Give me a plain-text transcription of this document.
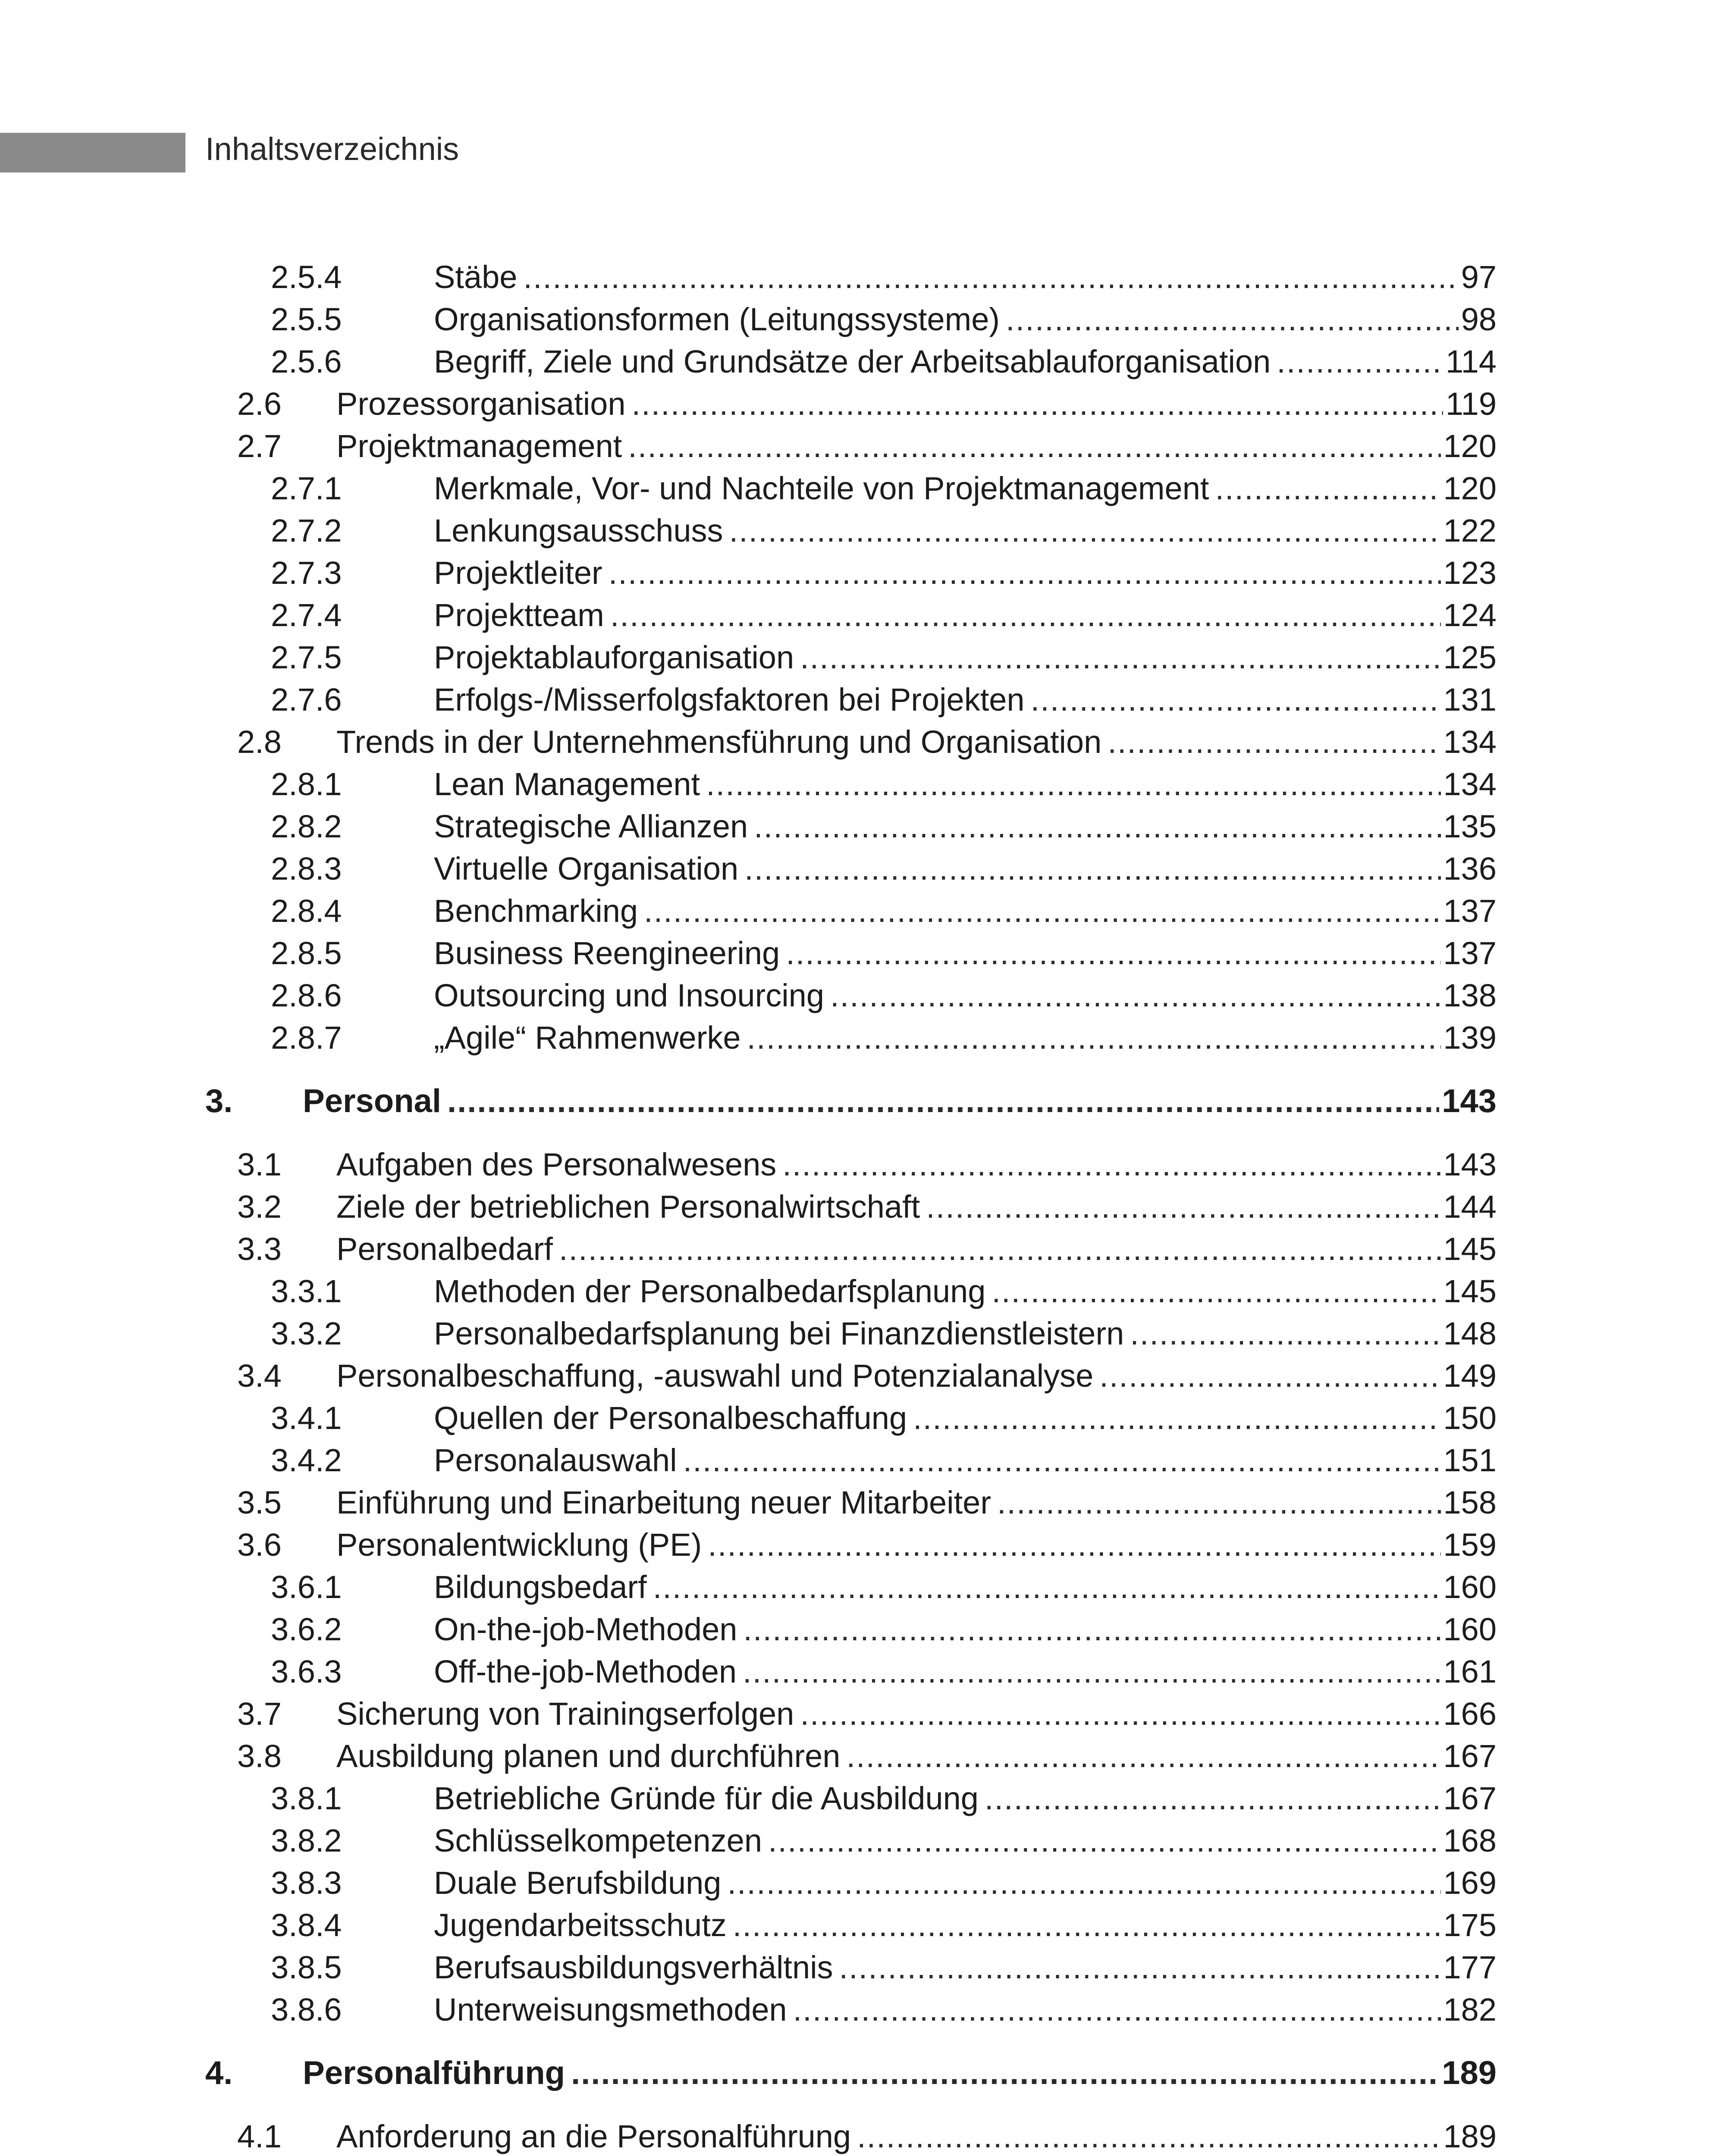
Inhaltsverzeichnis
2.5.4	Stäbe .....	97
2.5.5	Organisationsformen (Leitungssysteme) .....	98
2.5.6	Begriff, Ziele und Grundsätze der Arbeitsablauforganisation .....	114
2.6 Prozessorganisation .....	119
2.7 Projektmanagement .....	120
2.7.1	Merkmale, Vor- und Nachteile von Projektmanagement .....	120
2.7.2	Lenkungsausschuss .....	122
2.7.3	Projektleiter .....	123
2.7.4	Projektteam .....	124
2.7.5	Projektablauforganisation .....	125
2.7.6	Erfolgs-/Misserfolgsfaktoren bei Projekten .....	131
2.8 Trends in der Unternehmensführung und Organisation .....	134
2.8.1	Lean Management .....	134
2.8.2	Strategische Allianzen .....	135
2.8.3	Virtuelle Organisation .....	136
2.8.4	Benchmarking .....	137
2.8.5	Business Reengineering .....	137
2.8.6	Outsourcing und Insourcing .....	138
2.8.7	„Agile“ Rahmenwerke .....	139
3. Personal .....	143
3.1 Aufgaben des Personalwesens .....	143
3.2 Ziele der betrieblichen Personalwirtschaft .....	144
3.3 Personalbedarf .....	145
3.3.1	Methoden der Personalbedarfsplanung .....	145
3.3.2	Personalbedarfsplanung bei Finanzdienstleistern .....	148
3.4 Personalbeschaffung, -auswahl und Potenzialanalyse .....	149
3.4.1	Quellen der Personalbeschaffung .....	150
3.4.2	Personalauswahl .....	151
3.5 Einführung und Einarbeitung neuer Mitarbeiter .....	158
3.6 Personalentwicklung (PE) .....	159
3.6.1	Bildungsbedarf .....	160
3.6.2	On-the-job-Methoden .....	160
3.6.3	Off-the-job-Methoden .....	161
3.7 Sicherung von Trainingserfolgen .....	166
3.8 Ausbildung planen und durchführen .....	167
3.8.1	Betriebliche Gründe für die Ausbildung .....	167
3.8.2	Schlüsselkompetenzen .....	168
3.8.3	Duale Berufsbildung .....	169
3.8.4	Jugendarbeitsschutz .....	175
3.8.5	Berufsausbildungsverhältnis .....	177
3.8.6	Unterweisungsmethoden .....	182
4. Personalführung .....	189
4.1 Anforderung an die Personalführung .....	189
